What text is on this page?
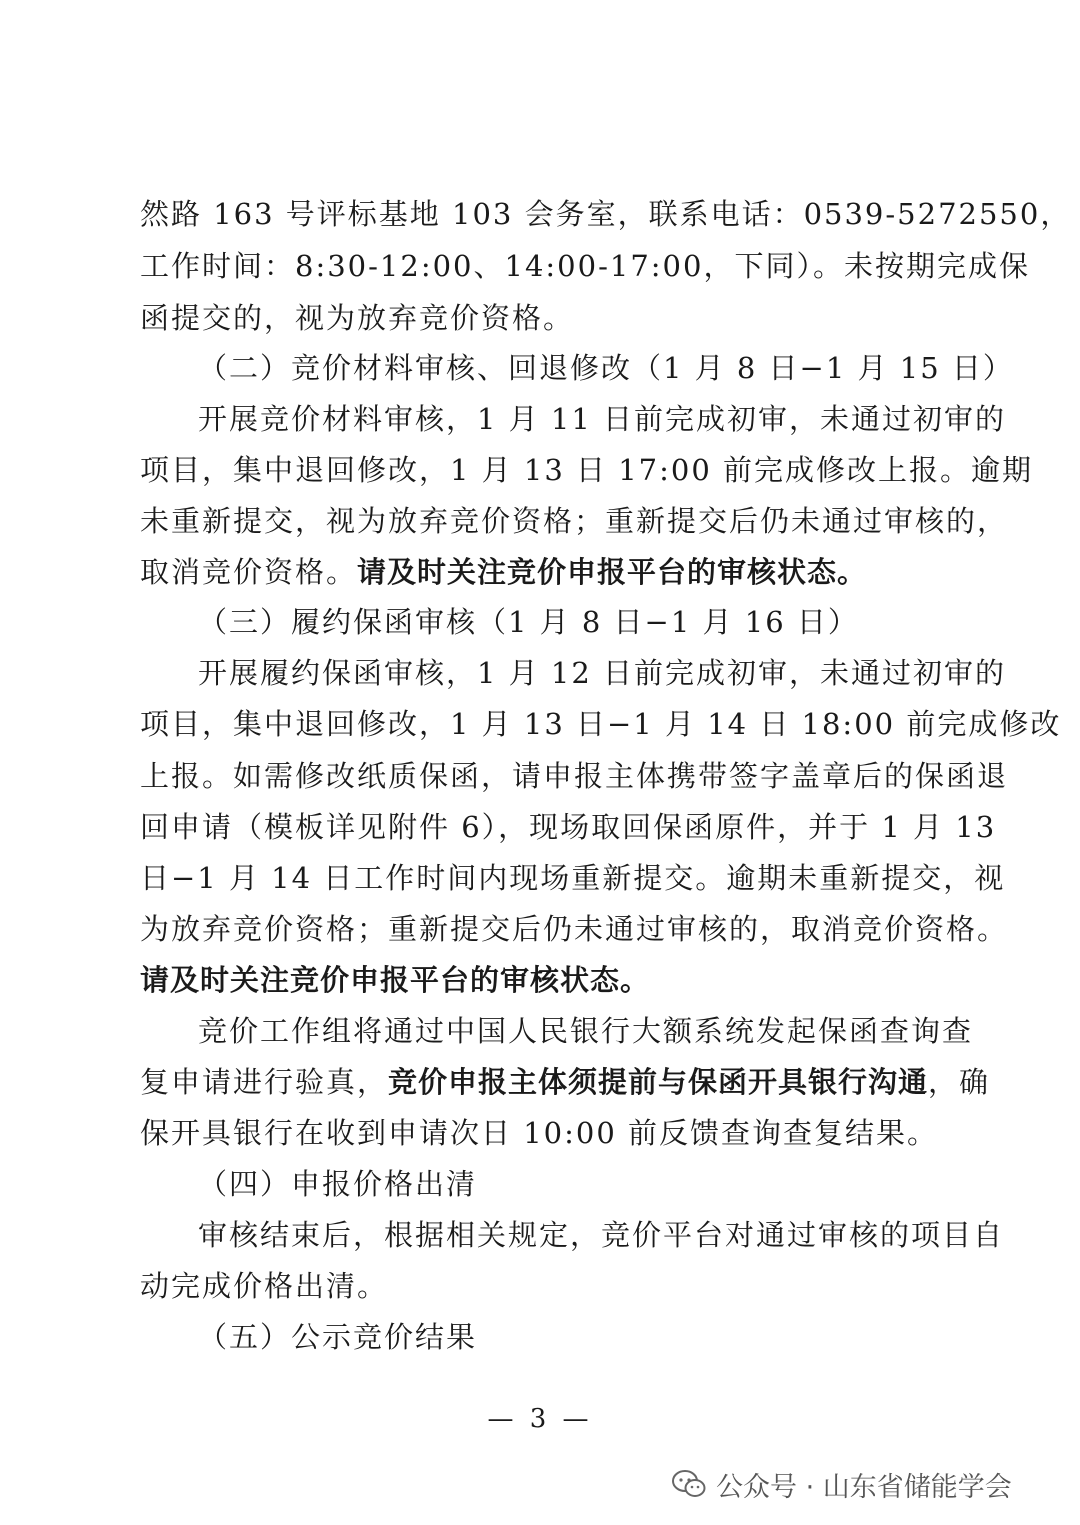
然路 163 号评标基地 103 会务室，联系电话：0539-5272550，
工作时间：8:30-12:00、14:00-17:00，下同）。未按期完成保
函提交的，视为放弃竞价资格。
（二）竞价材料审核、回退修改（1 月 8 日−1 月 15 日）
开展竞价材料审核，1 月 11 日前完成初审，未通过初审的
项目，集中退回修改，1 月 13 日 17:00 前完成修改上报。逾期
未重新提交，视为放弃竞价资格；重新提交后仍未通过审核的，
取消竞价资格。请及时关注竞价申报平台的审核状态。
（三）履约保函审核（1 月 8 日−1 月 16 日）
开展履约保函审核，1 月 12 日前完成初审，未通过初审的
项目，集中退回修改，1 月 13 日−1 月 14 日 18:00 前完成修改
上报。如需修改纸质保函，请申报主体携带签字盖章后的保函退
回申请（模板详见附件 6），现场取回保函原件，并于 1 月 13
日−1 月 14 日工作时间内现场重新提交。逾期未重新提交，视
为放弃竞价资格；重新提交后仍未通过审核的，取消竞价资格。
请及时关注竞价申报平台的审核状态。
竞价工作组将通过中国人民银行大额系统发起保函查询查
复申请进行验真，竞价申报主体须提前与保函开具银行沟通，确
保开具银行在收到申请次日 10:00 前反馈查询查复结果。
（四）申报价格出清
审核结束后，根据相关规定，竞价平台对通过审核的项目自
动完成价格出清。
（五）公示竞价结果
— 3 —
公众号 · 山东省储能学会
